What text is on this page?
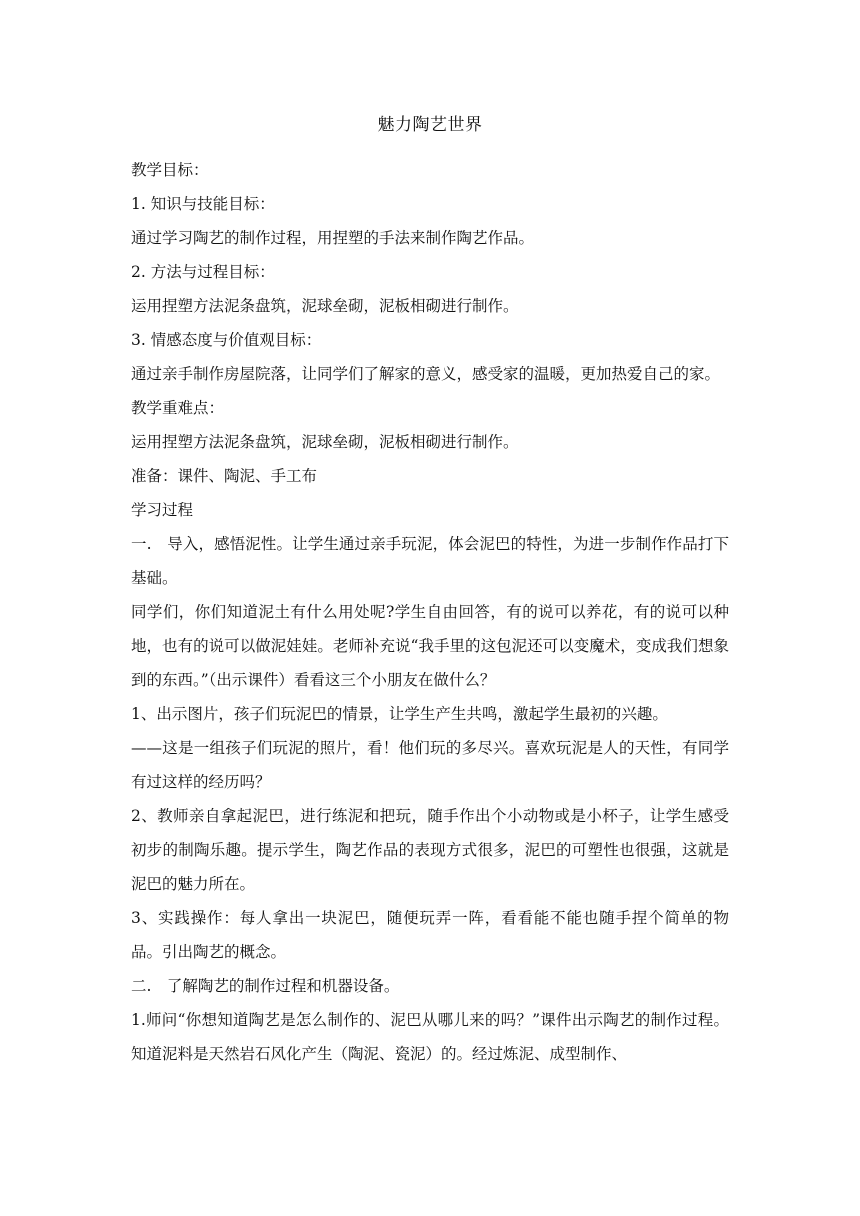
魅力陶艺世界

教学目标：

1. 知识与技能目标：

通过学习陶艺的制作过程，用捏塑的手法来制作陶艺作品。

2. 方法与过程目标：

运用捏塑方法泥条盘筑，泥球垒砌，泥板相砌进行制作。

3. 情感态度与价值观目标：

通过亲手制作房屋院落，让同学们了解家的意义，感受家的温暖，更加热爱自己的家。

教学重难点：

运用捏塑方法泥条盘筑，泥球垒砌，泥板相砌进行制作。

准备：课件、陶泥、手工布

学习过程

一.　导入，感悟泥性。让学生通过亲手玩泥，体会泥巴的特性，为进一步制作作品打下基础。

同学们，你们知道泥土有什么用处呢?学生自由回答，有的说可以养花，有的说可以种地，也有的说可以做泥娃娃。老师补充说“我手里的这包泥还可以变魔术，变成我们想象到的东西。”（出示课件）看看这三个小朋友在做什么？

1、出示图片，孩子们玩泥巴的情景，让学生产生共鸣，激起学生最初的兴趣。

——这是一组孩子们玩泥的照片，看！他们玩的多尽兴。喜欢玩泥是人的天性，有同学有过这样的经历吗？

2、教师亲自拿起泥巴，进行练泥和把玩，随手作出个小动物或是小杯子，让学生感受初步的制陶乐趣。提示学生，陶艺作品的表现方式很多，泥巴的可塑性也很强，这就是泥巴的魅力所在。

3、实践操作：每人拿出一块泥巴，随便玩弄一阵，看看能不能也随手捏个简单的物品。引出陶艺的概念。

二.　了解陶艺的制作过程和机器设备。

1.师问“你想知道陶艺是怎么制作的、泥巴从哪儿来的吗？”课件出示陶艺的制作过程。知道泥料是天然岩石风化产生（陶泥、瓷泥）的。经过炼泥、成型制作、
